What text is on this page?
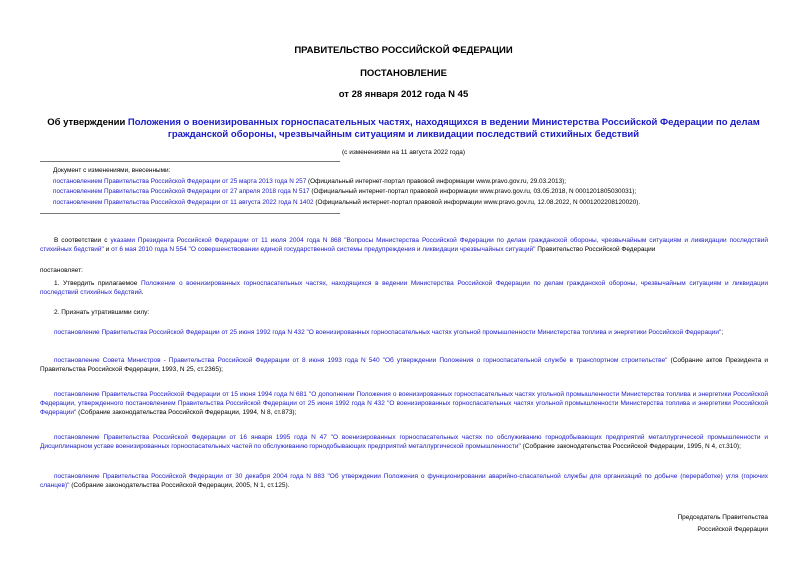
ПРАВИТЕЛЬСТВО РОССИЙСКОЙ ФЕДЕРАЦИИ
ПОСТАНОВЛЕНИЕ
от 28 января 2012 года N 45
Об утверждении Положения о военизированных горноспасательных частях, находящихся в ведении Министерства Российской Федерации по делам гражданской обороны, чрезвычайным ситуациям и ликвидации последствий стихийных бедствий
(с изменениями на 11 августа 2022 года)
Документ с изменениями, внесенными:
постановлением Правительства Российской Федерации от 25 марта 2013 года N 257 (Официальный интернет-портал правовой информации www.pravo.gov.ru, 29.03.2013);
постановлением Правительства Российской Федерации от 27 апреля 2018 года N 517 (Официальный интернет-портал правовой информации www.pravo.gov.ru, 03.05.2018, N 0001201805030031);
постановлением Правительства Российской Федерации от 11 августа 2022 года N 1402 (Официальный интернет-портал правовой информации www.pravo.gov.ru, 12.08.2022, N 0001202208120020).
В соответствии с указами Президента Российской Федерации от 11 июля 2004 года N 868 "Вопросы Министерства Российской Федерации по делам гражданской обороны, чрезвычайным ситуациям и ликвидации последствий стихийных бедствий" и от 6 мая 2010 года N 554 "О совершенствовании единой государственной системы предупреждения и ликвидации чрезвычайных ситуаций" Правительство Российской Федерации
постановляет:
1. Утвердить прилагаемое Положение о военизированных горноспасательных частях, находящихся в ведении Министерства Российской Федерации по делам гражданской обороны, чрезвычайным ситуациям и ликвидации последствий стихийных бедствий.
2. Признать утратившими силу:
постановление Правительства Российской Федерации от 25 июня 1992 года N 432 "О военизированных горноспасательных частях угольной промышленности Министерства топлива и энергетики Российской Федерации";
постановление Совета Министров - Правительства Российской Федерации от 8 июня 1993 года N 540 "Об утверждении Положения о горноспасательной службе в транспортном строительстве" (Собрание актов Президента и Правительства Российской Федерации, 1993, N 25, ст.2365);
постановление Правительства Российской Федерации от 15 июня 1994 года N 681 "О дополнении Положения о военизированных горноспасательных частях угольной промышленности Министерства топлива и энергетики Российской Федерации, утвержденного постановлением Правительства Российской Федерации от 25 июня 1992 года N 432 "О военизированных горноспасательных частях угольной промышленности Министерства топлива и энергетики Российской Федерации" (Собрание законодательства Российской Федерации, 1994, N 8, ст.873);
постановление Правительства Российской Федерации от 16 января 1995 года N 47 "О военизированных горноспасательных частях по обслуживанию горнодобывающих предприятий металлургической промышленности и Дисциплинарном уставе военизированных горноспасательных частей по обслуживанию горнодобывающих предприятий металлургической промышленности" (Собрание законодательства Российской Федерации, 1995, N 4, ст.310);
постановление Правительства Российской Федерации от 30 декабря 2004 года N 883 "Об утверждении Положения о функционировании аварийно-спасательной службы для организаций по добыче (переработке) угля (горючих сланцев)" (Собрание законодательства Российской Федерации, 2005, N 1, ст.125).
Председатель Правительства
Российской Федерации
